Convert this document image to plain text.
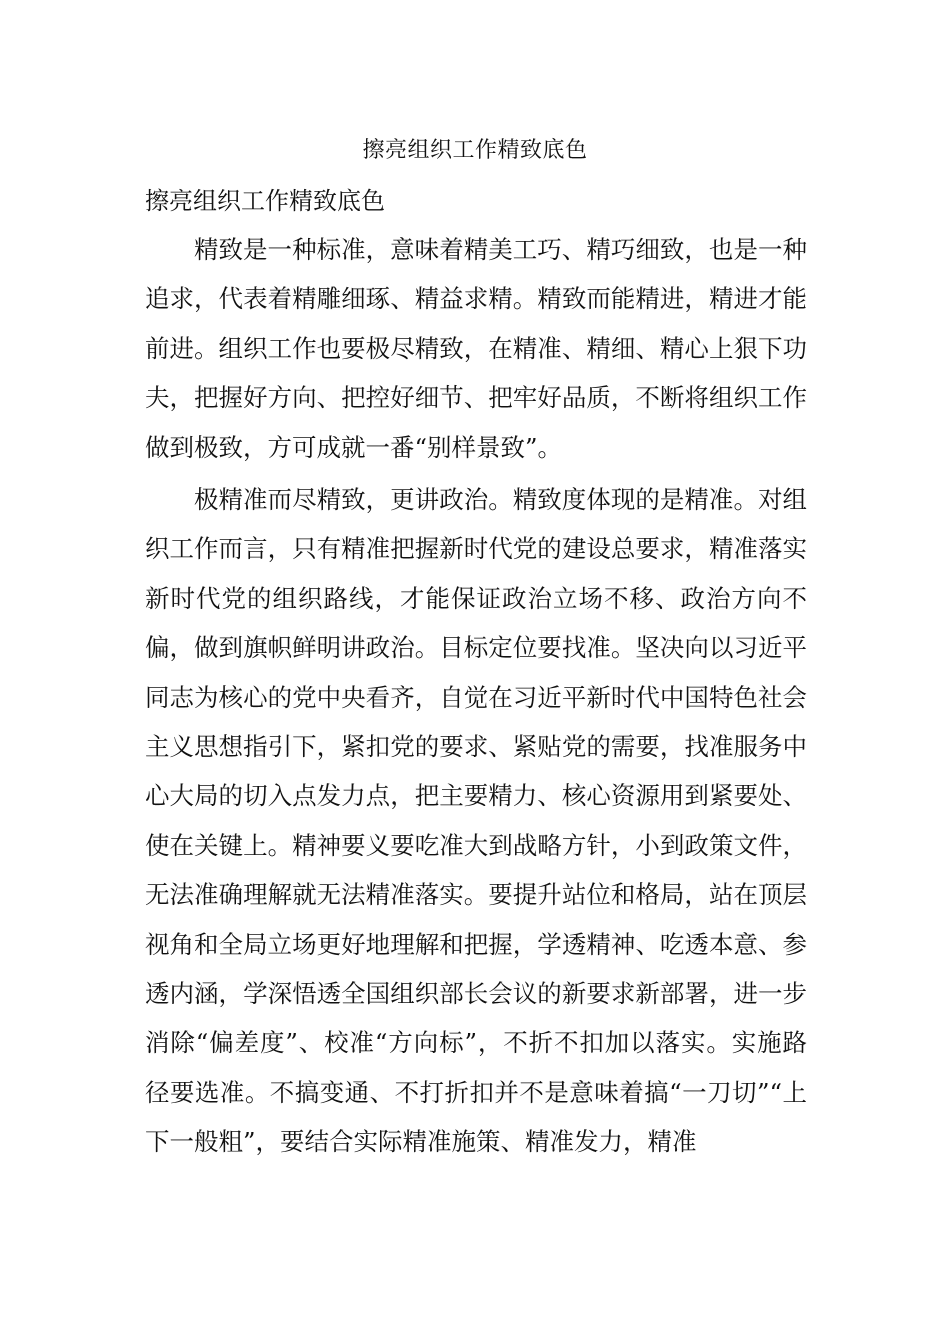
擦亮组织工作精致底色
擦亮组织工作精致底色

精致是一种标准，意味着精美工巧、精巧细致，也是一种追求，代表着精雕细琢、精益求精。精致而能精进，精进才能前进。组织工作也要极尽精致，在精准、精细、精心上狠下功夫，把握好方向、把控好细节、把牢好品质，不断将组织工作做到极致，方可成就一番“别样景致”。

极精准而尽精致，更讲政治。精致度体现的是精准。对组织工作而言，只有精准把握新时代党的建设总要求，精准落实新时代党的组织路线，才能保证政治立场不移、政治方向不偏，做到旗帜鲜明讲政治。目标定位要找准。坚决向以习近平同志为核心的党中央看齐，自觉在习近平新时代中国特色社会主义思想指引下，紧扣党的要求、紧贴党的需要，找准服务中心大局的切入点发力点，把主要精力、核心资源用到紧要处、使在关键上。精神要义要吃准大到战略方针，小到政策文件，无法准确理解就无法精准落实。要提升站位和格局，站在顶层视角和全局立场更好地理解和把握，学透精神、吃透本意、参透内涵，学深悟透全国组织部长会议的新要求新部署，进一步消除“偏差度”、校准“方向标”，不折不扣加以落实。实施路径要选准。不搞变通、不打折扣并不是意味着搞“一刀切”“上下一般粗”，要结合实际精准施策、精准发力，精准
